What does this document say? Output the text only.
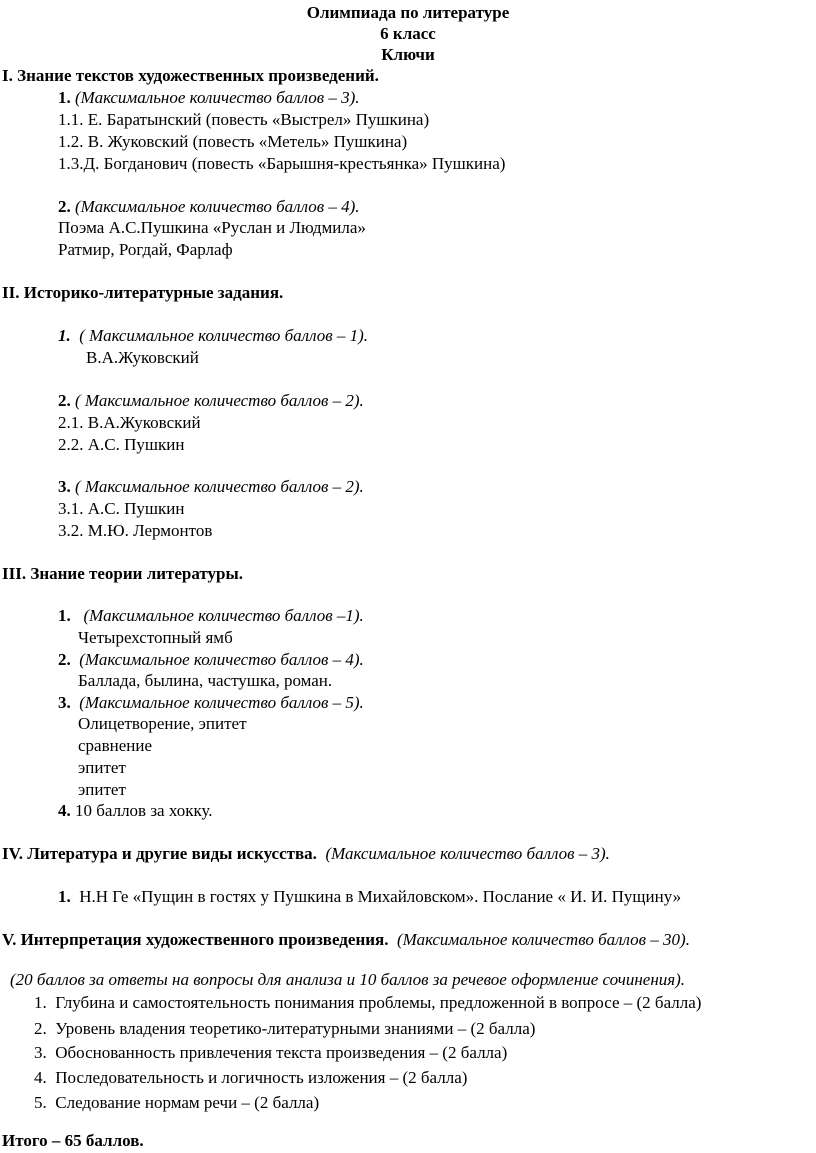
Олимпиада по литературе
6 класс
Ключи
I. Знание текстов художественных произведений.
1. (Максимальное количество баллов – 3).
1.1. Е. Баратынский (повесть «Выстрел» Пушкина)
1.2. В. Жуковский (повесть «Метель» Пушкина)
1.3.Д. Богданович (повесть «Барышня-крестьянка» Пушкина)
2. (Максимальное количество баллов – 4).
Поэма А.С.Пушкина «Руслан и Людмила»
Ратмир, Рогдай, Фарлаф
II. Историко-литературные задания.
1. ( Максимальное количество баллов – 1).
В.А.Жуковский
2. ( Максимальное количество баллов – 2).
2.1. В.А.Жуковский
2.2. А.С. Пушкин
3. ( Максимальное количество баллов – 2).
3.1. А.С. Пушкин
3.2. М.Ю. Лермонтов
III. Знание теории литературы.
1. (Максимальное количество баллов –1).
Четырехстопный ямб
2. (Максимальное количество баллов – 4).
Баллада, былина, частушка, роман.
3. (Максимальное количество баллов – 5).
Олицетворение, эпитет
сравнение
эпитет
эпитет
4. 10 баллов за хокку.
IV. Литература и другие виды искусства. (Максимальное количество баллов – 3).
1. Н.Н Ге «Пущин в гостях у Пушкина в Михайловском». Послание « И. И. Пущину»
V. Интерпретация художественного произведения. (Максимальное количество баллов – 30).
(20 баллов за ответы на вопросы для анализа и 10 баллов за речевое оформление сочинения).
1. Глубина и самостоятельность понимания проблемы, предложенной в вопросе – (2 балла)
2. Уровень владения теоретико-литературными знаниями – (2 балла)
3. Обоснованность привлечения текста произведения – (2 балла)
4. Последовательность и логичность изложения – (2 балла)
5. Следование нормам речи – (2 балла)
Итого – 65 баллов.
